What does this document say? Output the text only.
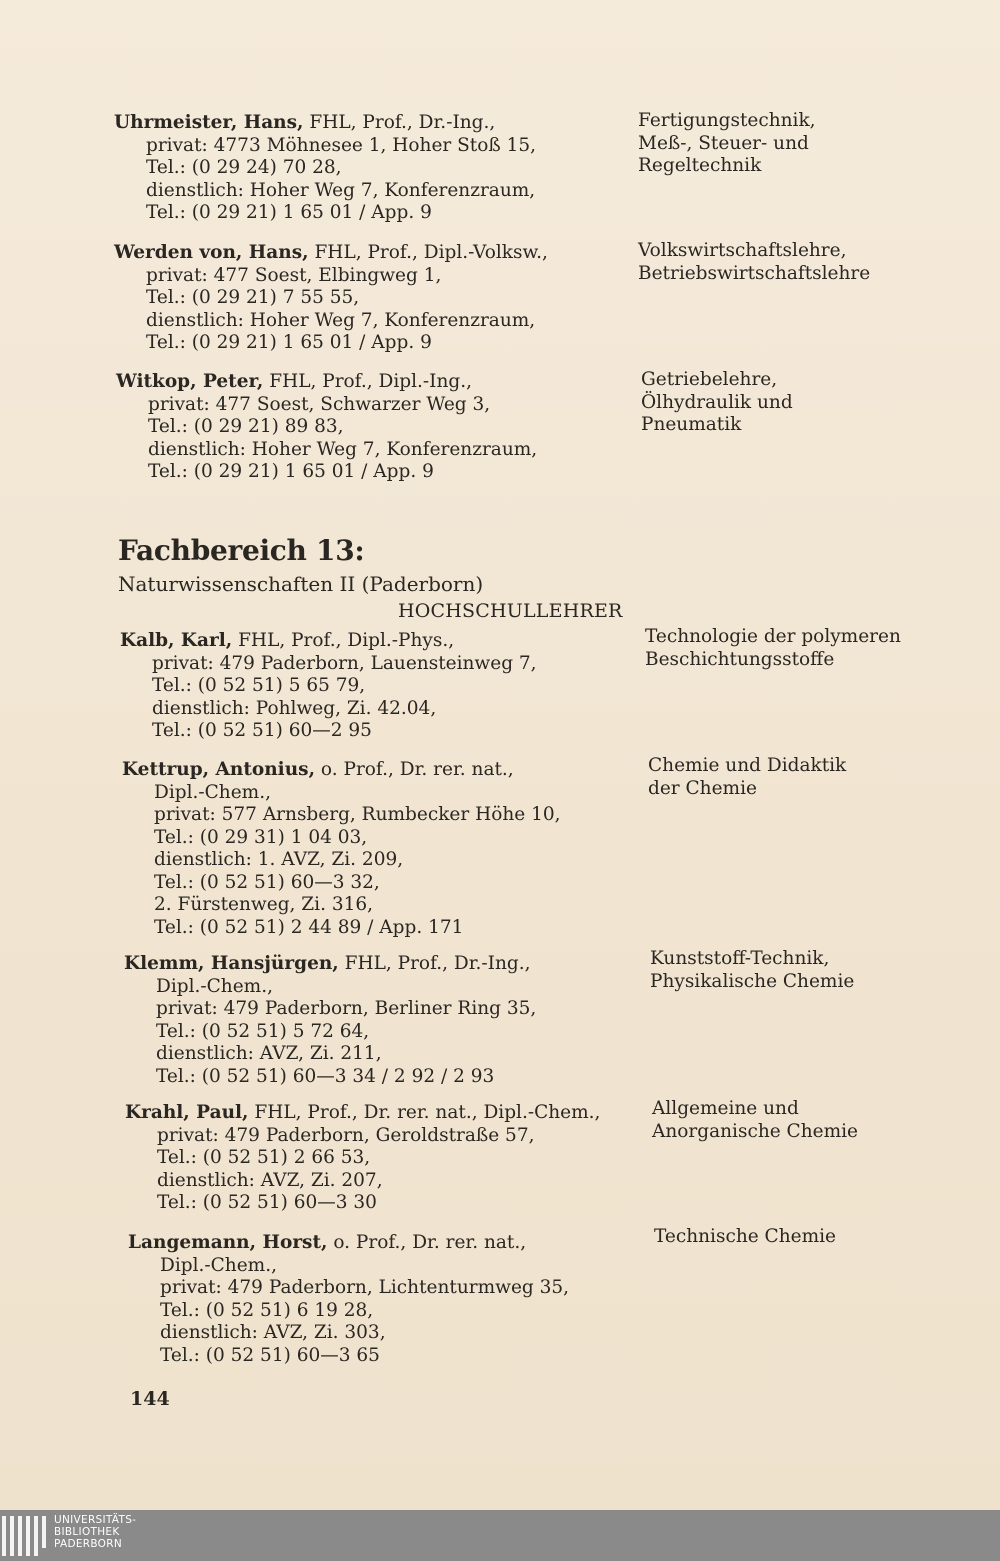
Uhrmeister, Hans, FHL, Prof., Dr.-Ing.,
privat: 4773 Möhnesee 1, Hoher Stoß 15,
Tel.: (0 29 24) 70 28,
dienstlich: Hoher Weg 7, Konferenzraum,
Tel.: (0 29 21) 1 65 01 / App. 9
Fertigungstechnik,
Meß-, Steuer- und
Regeltechnik
Werden von, Hans, FHL, Prof., Dipl.-Volksw.,
privat: 477 Soest, Elbingweg 1,
Tel.: (0 29 21) 7 55 55,
dienstlich: Hoher Weg 7, Konferenzraum,
Tel.: (0 29 21) 1 65 01 / App. 9
Volkswirtschaftslehre,
Betriebswirtschaftslehre
Witkop, Peter, FHL, Prof., Dipl.-Ing.,
privat: 477 Soest, Schwarzer Weg 3,
Tel.: (0 29 21) 89 83,
dienstlich: Hoher Weg 7, Konferenzraum,
Tel.: (0 29 21) 1 65 01 / App. 9
Getriebelehre,
Ölhydraulik und
Pneumatik
Fachbereich 13:
Naturwissenschaften II (Paderborn)
HOCHSCHULLEHRER
Kalb, Karl, FHL, Prof., Dipl.-Phys.,
privat: 479 Paderborn, Lauensteinweg 7,
Tel.: (0 52 51) 5 65 79,
dienstlich: Pohlweg, Zi. 42.04,
Tel.: (0 52 51) 60—2 95
Technologie der polymeren
Beschichtungsstoffe
Kettrup, Antonius, o. Prof., Dr. rer. nat.,
Dipl.-Chem.,
privat: 577 Arnsberg, Rumbecker Höhe 10,
Tel.: (0 29 31) 1 04 03,
dienstlich: 1. AVZ, Zi. 209,
Tel.: (0 52 51) 60—3 32,
2. Fürstenweg, Zi. 316,
Tel.: (0 52 51) 2 44 89 / App. 171
Chemie und Didaktik
der Chemie
Klemm, Hansjürgen, FHL, Prof., Dr.-Ing.,
Dipl.-Chem.,
privat: 479 Paderborn, Berliner Ring 35,
Tel.: (0 52 51) 5 72 64,
dienstlich: AVZ, Zi. 211,
Tel.: (0 52 51) 60—3 34 / 2 92 / 2 93
Kunststoff-Technik,
Physikalische Chemie
Krahl, Paul, FHL, Prof., Dr. rer. nat., Dipl.-Chem.,
privat: 479 Paderborn, Geroldstraße 57,
Tel.: (0 52 51) 2 66 53,
dienstlich: AVZ, Zi. 207,
Tel.: (0 52 51) 60—3 30
Allgemeine und
Anorganische Chemie
Langemann, Horst, o. Prof., Dr. rer. nat.,
Dipl.-Chem.,
privat: 479 Paderborn, Lichtenturmweg 35,
Tel.: (0 52 51) 6 19 28,
dienstlich: AVZ, Zi. 303,
Tel.: (0 52 51) 60—3 65
Technische Chemie
144
UNIVERSITÄTS-
BIBLIOTHEK
PADERBORN
